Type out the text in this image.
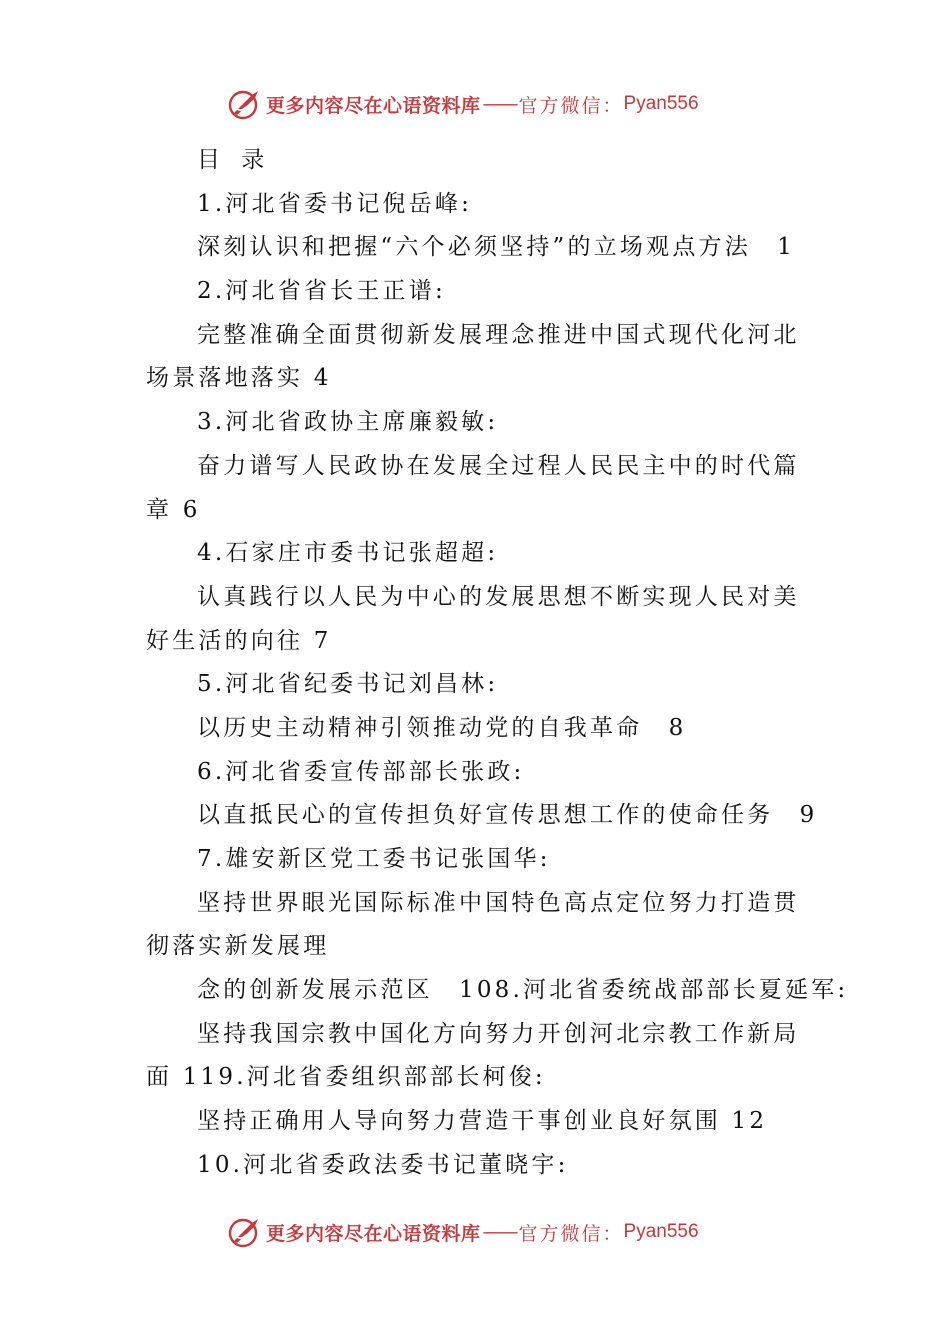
更多内容尽在心语资料库 —— 官方微信： Pyan556
目 录
1.河北省委书记倪岳峰:
深刻认识和把握“六个必须坚持”的立场观点方法　1
2.河北省省长王正谱:
完整准确全面贯彻新发展理念推进中国式现代化河北
场景落地落实 4
3.河北省政协主席廉毅敏:
奋力谱写人民政协在发展全过程人民民主中的时代篇
章 6
4.石家庄市委书记张超超:
认真践行以人民为中心的发展思想不断实现人民对美
好生活的向往 7
5.河北省纪委书记刘昌林:
以历史主动精神引领推动党的自我革命　8
6.河北省委宣传部部长张政:
以直抵民心的宣传担负好宣传思想工作的使命任务　9
7.雄安新区党工委书记张国华:
坚持世界眼光国际标准中国特色高点定位努力打造贯
彻落实新发展理
念的创新发展示范区　108.河北省委统战部部长夏延军:
坚持我国宗教中国化方向努力开创河北宗教工作新局
面 119.河北省委组织部部长柯俊:
坚持正确用人导向努力营造干事创业良好氛围 12
10.河北省委政法委书记董晓宇:
更多内容尽在心语资料库 —— 官方微信： Pyan556
